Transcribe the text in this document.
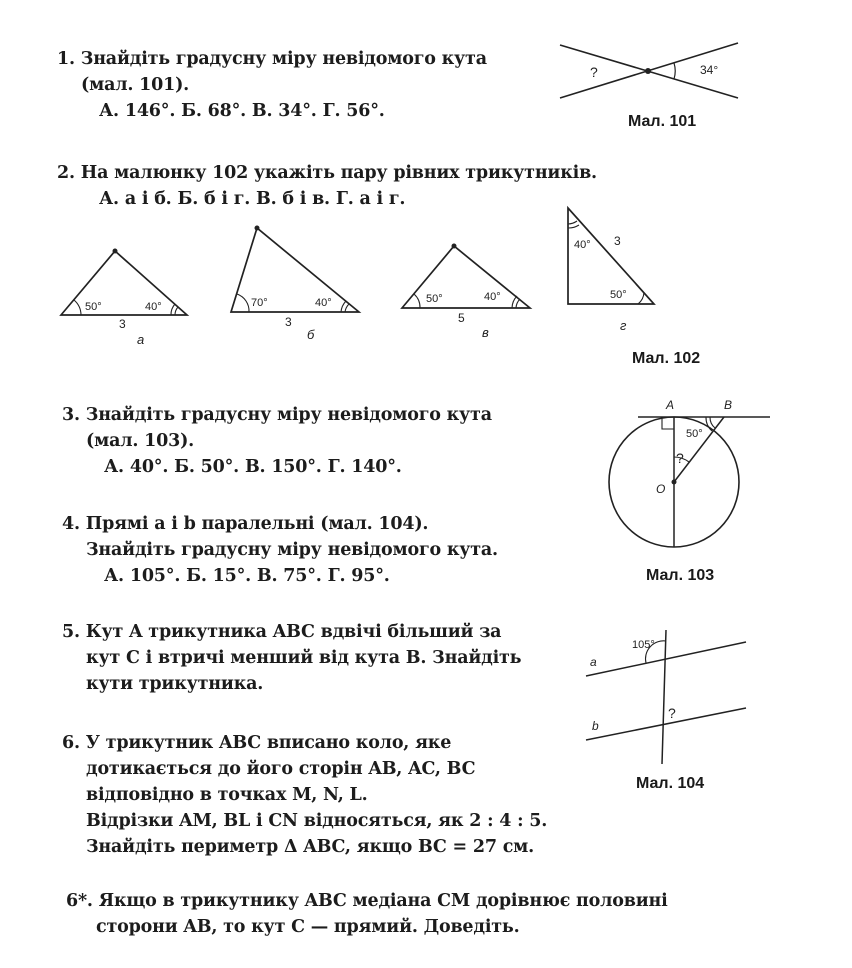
1. Знайдіть градусну міру невідомого кута
(мал. 101).
А. 146°. Б. 68°. В. 34°. Г. 56°.
?	34°
Мал. 101
2. На малюнку 102 укажіть пару рівних трикутників.
А. а і б. Б. б і г. В. б і в. Г. а і г.
50°	40°
3
а
70°	40°
3
б
50°	40°
5
в
40°
50°
3
г
Мал. 102
3. Знайдіть градусну міру невідомого кута
(мал. 103).
А. 40°. Б. 50°. В. 150°. Г. 140°.
A	B
50°
?
O
Мал. 103
4. Прямі a і b паралельні (мал. 104).
Знайдіть градусну міру невідомого кута.
А. 105°. Б. 15°. В. 75°. Г. 95°.
5. Кут A трикутника ABC вдвічі більший за
кут C і втричі менший від кута B. Знайдіть
кути трикутника.
105°
a
b
?
Мал. 104
6. У трикутник ABC вписано коло, яке
дотикається до його сторін AB, AC, BC
відповідно в точках M, N, L.
Відрізки AM, BL і CN відносяться, як 2 : 4 : 5.
Знайдіть периметр Δ ABC, якщо BC = 27 см.
6*. Якщо в трикутнику ABC медіана CM дорівнює половині
сторони AB, то кут C — прямий. Доведіть.
